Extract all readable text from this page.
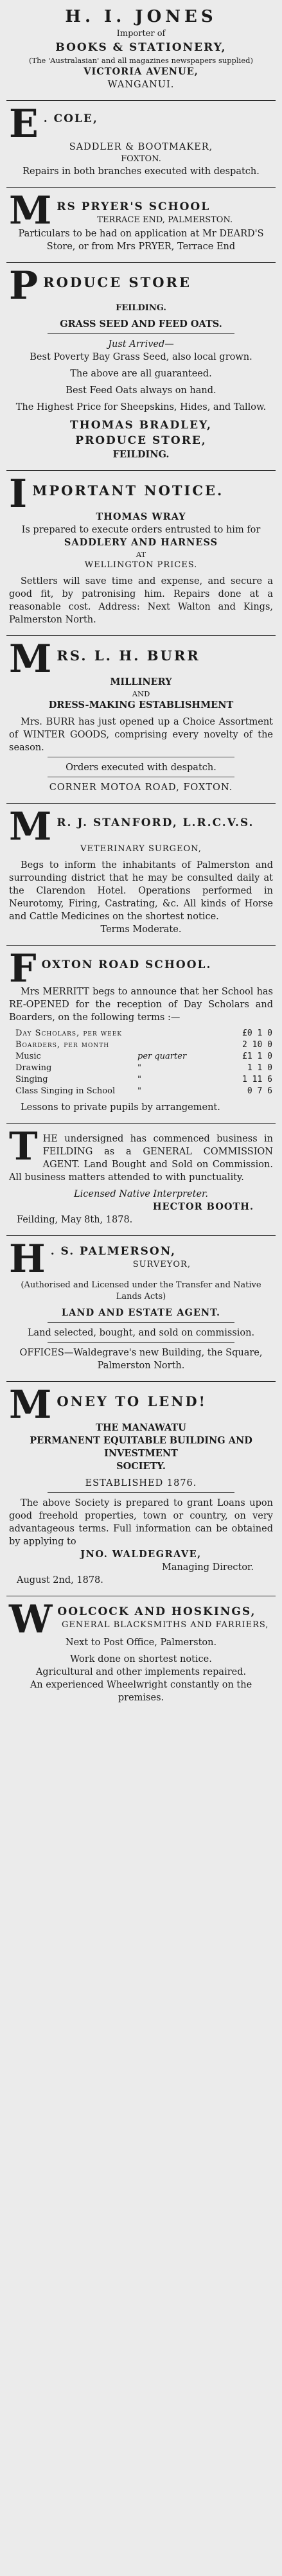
H. I. JONES
Importer of
BOOKS & STATIONERY,
(The 'Australasian' and all magazines newspapers supplied)
VICTORIA AVENUE,
WANGANUI.
E . COLE,
SADDLER & BOOTMAKER,
FOXTON.
Repairs in both branches executed with despatch.
M RS PRYER'S SCHOOL
TERRACE END, PALMERSTON.
Particulars to be had on application at Mr DEARD'S Store, or from Mrs PRYER, Terrace End
P RODUCE STORE
FEILDING.
GRASS SEED AND FEED OATS.
Just Arrived—
Best Poverty Bay Grass Seed, also local grown.
The above are all guaranteed.
Best Feed Oats always on hand.
The Highest Price for Sheepskins, Hides, and Tallow.
THOMAS BRADLEY,
PRODUCE STORE,
FEILDING.
I MPORTANT NOTICE.
THOMAS WRAY
Is prepared to execute orders entrusted to him for
SADDLERY AND HARNESS
AT
WELLINGTON PRICES.
Settlers will save time and expense, and secure a good fit, by patronising him. Repairs done at a reasonable cost. Address: Next Walton and Kings, Palmerston North.
M RS. L. H. BURR
MILLINERY
AND
DRESS-MAKING ESTABLISHMENT
Mrs. BURR has just opened up a Choice Assortment of WINTER GOODS, comprising every novelty of the season.
Orders executed with despatch.
CORNER MOTOA ROAD, FOXTON.
M R. J. STANFORD, L.R.C.V.S.
VETERINARY SURGEON,
Begs to inform the inhabitants of Palmerston and surrounding district that he may be consulted daily at the Clarendon Hotel. Operations performed in Neurotomy, Firing, Castrating, &c. All kinds of Horse and Cattle Medicines on the shortest notice.
Terms Moderate.
F OXTON ROAD SCHOOL.
Mrs MERRITT begs to announce that her School has RE-OPENED for the reception of Day Scholars and Boarders, on the following terms :—
Day Scholars, per week		£0 1 0
Boarders, per month		2 10 0
Music	per quarter	£1 1 0
Drawing	"	1 1 0
Singing	"	1 11 6
Class Singing in School	"	0 7 6
Lessons to private pupils by arrangement.
T HE undersigned has commenced business in FEILDING as a GENERAL COMMISSION AGENT. Land Bought and Sold on Commission. All business matters attended to with punctuality.
Licensed Native Interpreter.
HECTOR BOOTH.
Feilding, May 8th, 1878.
H . S. PALMERSON,
SURVEYOR,
(Authorised and Licensed under the Transfer and Native Lands Acts)
LAND AND ESTATE AGENT.
Land selected, bought, and sold on commission.
OFFICES—Waldegrave's new Building, the Square, Palmerston North.
M ONEY TO LEND!
THE MANAWATU
PERMANENT EQUITABLE BUILDING AND INVESTMENT
SOCIETY.
ESTABLISHED 1876.
The above Society is prepared to grant Loans upon good freehold properties, town or country, on very advantageous terms. Full information can be obtained by applying to
JNO. WALDEGRAVE,
Managing Director.
August 2nd, 1878.
W OOLCOCK AND HOSKINGS,
GENERAL BLACKSMITHS AND FARRIERS,
Next to Post Office, Palmerston.
Work done on shortest notice.
Agricultural and other implements repaired.
An experienced Wheelwright constantly on the premises.
